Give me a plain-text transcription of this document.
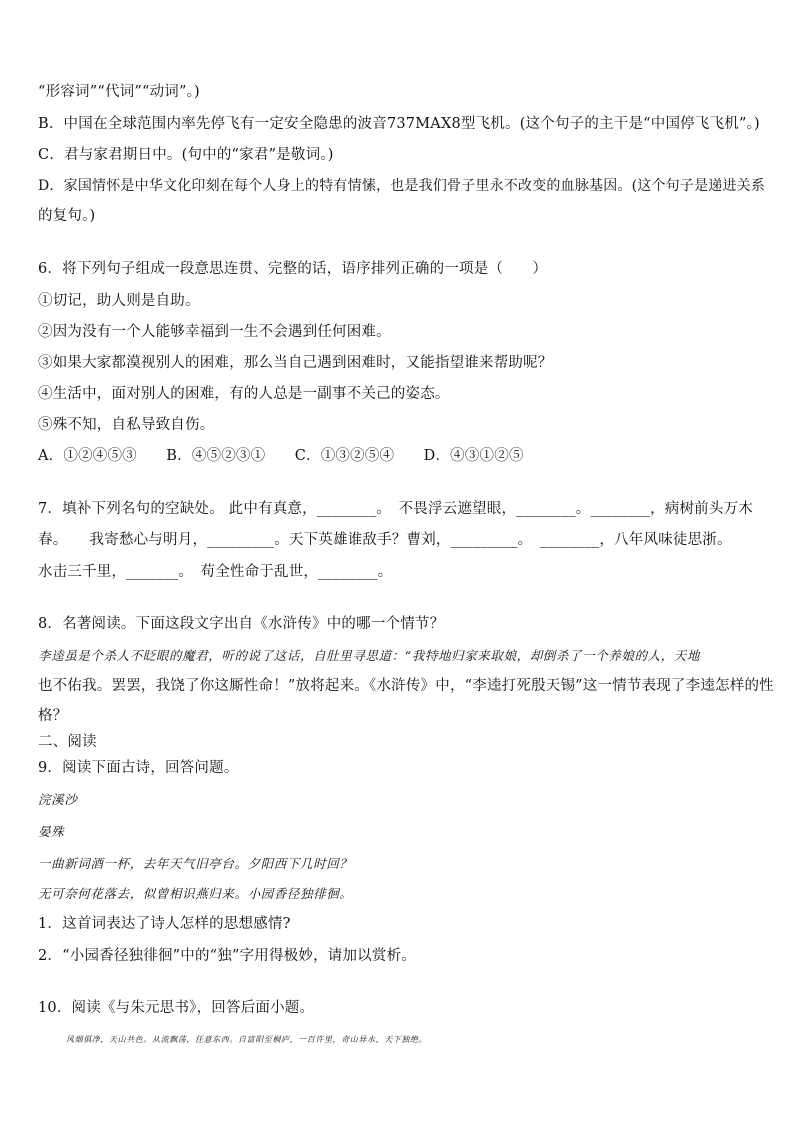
“形容词”“代词”“动词”。)
B．中国在全球范围内率先停飞有一定安全隐患的波音737MAX8型飞机。(这个句子的主干是“中国停飞飞机”。)
C．君与家君期日中。(句中的“家君”是敬词。)
D．家国情怀是中华文化印刻在每个人身上的特有情愫，也是我们骨子里永不改变的血脉基因。(这个句子是递进关系
的复句。)
6．将下列句子组成一段意思连贯、完整的话，语序排列正确的一项是（　　）
①切记，助人则是自助。
②因为没有一个人能够幸福到一生不会遇到任何困难。
③如果大家都漠视别人的困难，那么当自己遇到困难时，又能指望谁来帮助呢？
④生活中，面对别人的困难，有的人总是一副事不关己的姿态。
⑤殊不知，自私导致自伤。
A．①②④⑤③　　B．④⑤②③①　　C．①③②⑤④　　D．④③①②⑤
7．填补下列名句的空缺处。 此中有真意，________。　不畏浮云遮望眼，________。________，病树前头万木
春。　　我寄愁心与明月，_________。天下英雄谁敌手？曹刘，_________。　________，八年风味徒思浙。
水击三千里，_______。　苟全性命于乱世，________。
8．名著阅读。下面这段文字出自《水浒传》中的哪一个情节？
李逵虽是个杀人不眨眼的魔君，听的说了这话，自肚里寻思道：“我特地归家来取娘，却倒杀了一个养娘的人，天地
也不佑我。罢罢，我饶了你这厮性命！”放将起来。《水浒传》中，“李逵打死殷天锡”这一情节表现了李逵怎样的性
格？
二、阅读
9．阅读下面古诗，回答问题。
浣溪沙
晏殊
一曲新词酒一杯，去年天气旧亭台。夕阳西下几时回？
无可奈何花落去，似曾相识燕归来。小园香径独徘徊。
1．这首词表达了诗人怎样的思想感情?
2．“小园香径独徘徊”中的“独”字用得极妙，请加以赏析。
10．阅读《与朱元思书》，回答后面小题。
风烟俱净，天山共色。从流飘荡，任意东西。自富阳至桐庐，一百许里，奇山异水，天下独绝。
